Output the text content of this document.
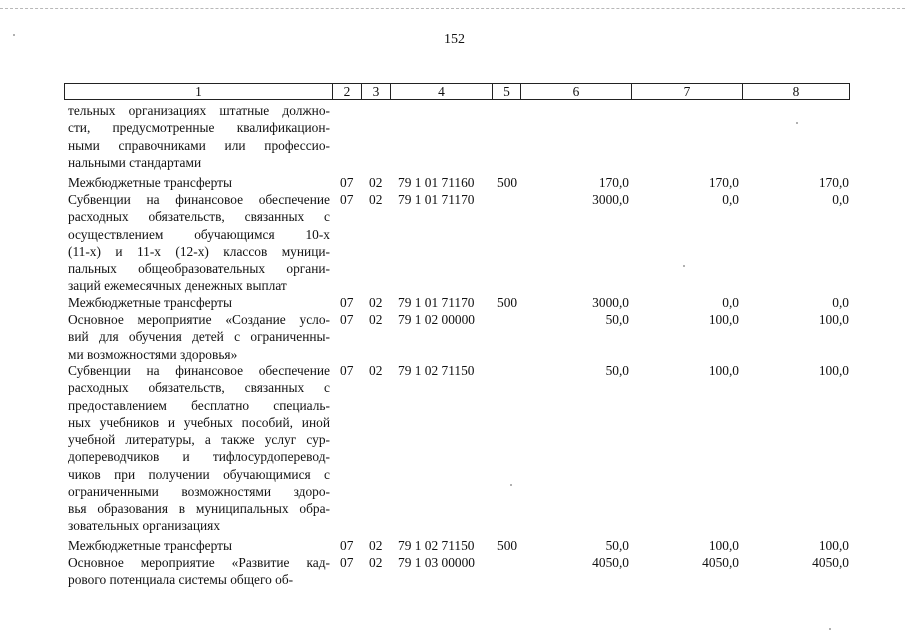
152
1	2	3	4	5	6	7	8
тельных организациях штатные должно-
сти, предусмотренные квалификацион-
ными справочниками или профессио-
нальными стандартами
Межбюджетные трансферты	07 02 79 1 01 71160 500	170,0	170,0	170,0
Субвенции на финансовое обеспечение
расходных обязательств, связанных с
осуществлением обучающимся 10-х
(11-х) и 11-х (12-х) классов муници-
пальных общеобразовательных органи-
заций ежемесячных денежных выплат
07 02 79 1 01 71170	3000,0	0,0	0,0
Межбюджетные трансферты	07 02 79 1 01 71170 500	3000,0	0,0	0,0
Основное мероприятие «Создание усло-
вий для обучения детей с ограниченны-
ми возможностями здоровья»
07 02 79 1 02 00000	50,0	100,0	100,0
Субвенции на финансовое обеспечение
расходных обязательств, связанных с
предоставлением бесплатно специаль-
ных учебников и учебных пособий, иной
учебной литературы, а также услуг сур-
допереводчиков и тифлосурдоперевод-
чиков при получении обучающимися с
ограниченными возможностями здоро-
вья образования в муниципальных обра-
зовательных организациях
07 02 79 1 02 71150	50,0	100,0	100,0
Межбюджетные трансферты	07 02 79 1 02 71150 500	50,0	100,0	100,0
Основное мероприятие «Развитие кад-
рового потенциала системы общего об-
07 02 79 1 03 00000	4050,0	4050,0	4050,0
